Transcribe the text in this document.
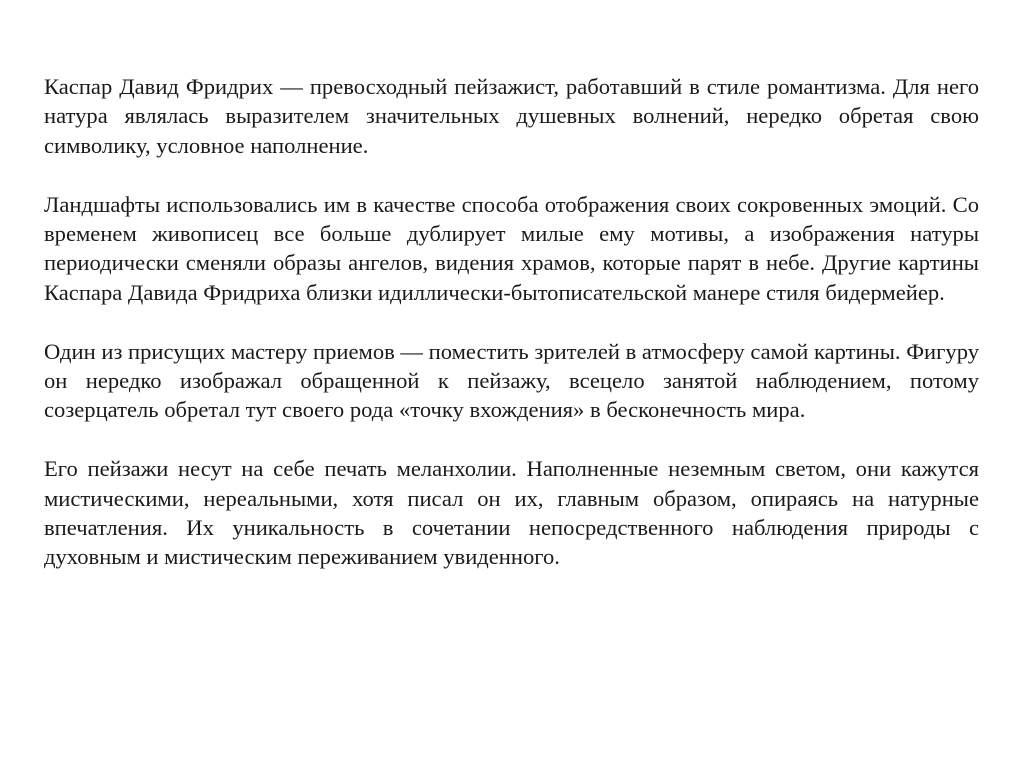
Каспар Давид Фридрих — превосходный пейзажист, работавший в стиле романтизма. Для него натура являлась выразителем значительных душевных волнений, нередко обретая свою символику, условное наполнение.

Ландшафты использовались им в качестве способа отображения своих сокровенных эмоций. Со временем живописец все больше дублирует милые ему мотивы, а изображения натуры периодически сменяли образы ангелов, видения храмов, которые парят в небе. Другие картины Каспара Давида Фридриха близки идиллически-бытописательской манере стиля бидермейер.

Один из присущих мастеру приемов — поместить зрителей в атмосферу самой картины. Фигуру он нередко изображал обращенной к пейзажу, всецело занятой наблюдением, потому созерцатель обретал тут своего рода «точку вхождения» в бесконечность мира.

Его пейзажи несут на себе печать меланхолии. Наполненные неземным светом, они кажутся мистическими, нереальными, хотя писал он их, главным образом, опираясь на натурные впечатления. Их уникальность в сочетании непосредственного наблюдения природы с духовным и мистическим переживанием увиденного.
